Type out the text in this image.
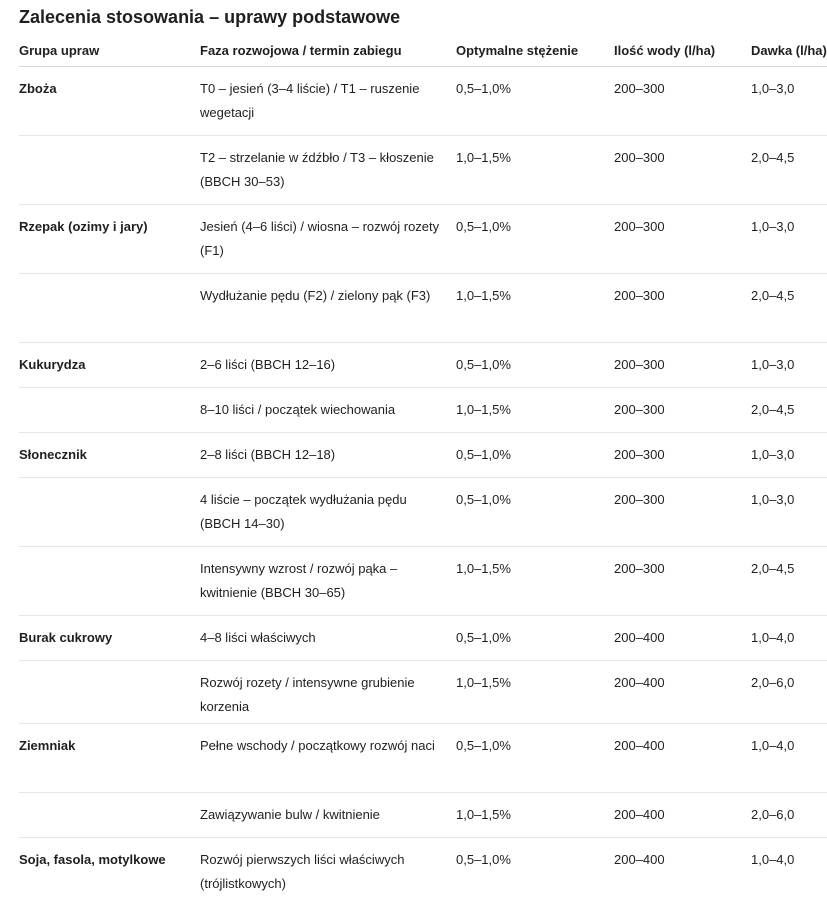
Zalecenia stosowania – uprawy podstawowe
Grupa upraw	Faza rozwojowa / termin zabiegu	Optymalne stężenie	Ilość wody (l/ha)	Dawka (l/ha)

Zboża	T0 – jesień (3–4 liście) / T1 – ruszenie wegetacji	0,5–1,0%	200–300	1,0–3,0

	T2 – strzelanie w źdźbło / T3 – kłoszenie (BBCH 30–53)	1,0–1,5%	200–300	2,0–4,5

Rzepak (ozimy i jary)	Jesień (4–6 liści) / wiosna – rozwój rozety (F1)	0,5–1,0%	200–300	1,0–3,0

	Wydłużanie pędu (F2) / zielony pąk (F3)	1,0–1,5%	200–300	2,0–4,5

Kukurydza	2–6 liści (BBCH 12–16)	0,5–1,0%	200–300	1,0–3,0

	8–10 liści / początek wiechowania	1,0–1,5%	200–300	2,0–4,5

Słonecznik	2–8 liści (BBCH 12–18)	0,5–1,0%	200–300	1,0–3,0

	4 liście – początek wydłużania pędu (BBCH 14–30)	0,5–1,0%	200–300	1,0–3,0

	Intensywny wzrost / rozwój pąka – kwitnienie (BBCH 30–65)	1,0–1,5%	200–300	2,0–4,5

Burak cukrowy	4–8 liści właściwych	0,5–1,0%	200–400	1,0–4,0

	Rozwój rozety / intensywne grubienie korzenia	1,0–1,5%	200–400	2,0–6,0

Ziemniak	Pełne wschody / początkowy rozwój naci	0,5–1,0%	200–400	1,0–4,0

	Zawiązywanie bulw / kwitnienie	1,0–1,5%	200–400	2,0–6,0

Soja, fasola, motylkowe	Rozwój pierwszych liści właściwych (trójlistkowych)	0,5–1,0%	200–400	1,0–4,0
